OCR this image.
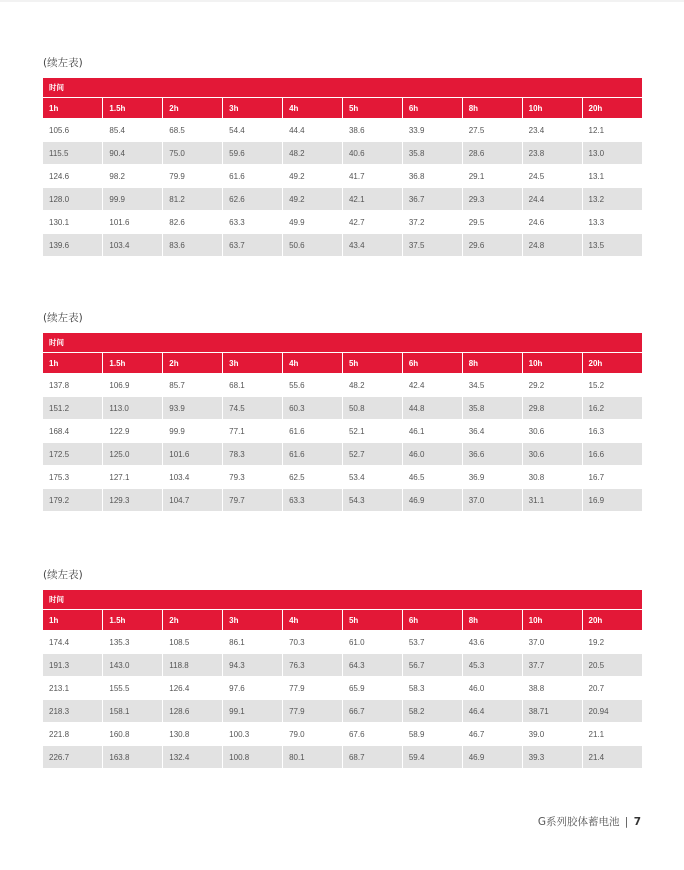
(续左表)
时间
1h	1.5h	2h	3h	4h	5h	6h	8h	10h	20h
105.6	85.4	68.5	54.4	44.4	38.6	33.9	27.5	23.4	12.1
115.5	90.4	75.0	59.6	48.2	40.6	35.8	28.6	23.8	13.0
124.6	98.2	79.9	61.6	49.2	41.7	36.8	29.1	24.5	13.1
128.0	99.9	81.2	62.6	49.2	42.1	36.7	29.3	24.4	13.2
130.1	101.6	82.6	63.3	49.9	42.7	37.2	29.5	24.6	13.3
139.6	103.4	83.6	63.7	50.6	43.4	37.5	29.6	24.8	13.5
(续左表)
时间
1h	1.5h	2h	3h	4h	5h	6h	8h	10h	20h
137.8	106.9	85.7	68.1	55.6	48.2	42.4	34.5	29.2	15.2
151.2	113.0	93.9	74.5	60.3	50.8	44.8	35.8	29.8	16.2
168.4	122.9	99.9	77.1	61.6	52.1	46.1	36.4	30.6	16.3
172.5	125.0	101.6	78.3	61.6	52.7	46.0	36.6	30.6	16.6
175.3	127.1	103.4	79.3	62.5	53.4	46.5	36.9	30.8	16.7
179.2	129.3	104.7	79.7	63.3	54.3	46.9	37.0	31.1	16.9
(续左表)
时间
1h	1.5h	2h	3h	4h	5h	6h	8h	10h	20h
174.4	135.3	108.5	86.1	70.3	61.0	53.7	43.6	37.0	19.2
191.3	143.0	118.8	94.3	76.3	64.3	56.7	45.3	37.7	20.5
213.1	155.5	126.4	97.6	77.9	65.9	58.3	46.0	38.8	20.7
218.3	158.1	128.6	99.1	77.9	66.7	58.2	46.4	38.71	20.94
221.8	160.8	130.8	100.3	79.0	67.6	58.9	46.7	39.0	21.1
226.7	163.8	132.4	100.8	80.1	68.7	59.4	46.9	39.3	21.4
G系列胶体蓄电池 | 7
